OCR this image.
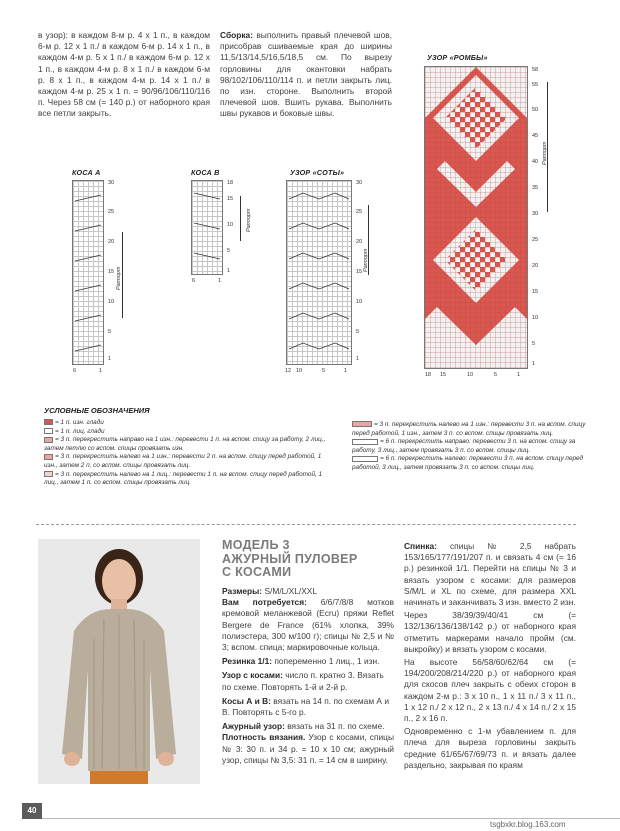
в узор): в каждом 8-м р. 4 х 1 п., в каждом 6-м р. 12 х 1 п./ в каждом 6-м р. 14 х 1 п., в каждом 4-м р. 5 х 1 п./ в каждом 6-м р. 12 х 1 п., в каждом 4-м р. 8 х 1 п./ в каждом 6-м р. 8 х 1 п., в каждом 4-м р. 14 х 1 п./ в каждом 4-м р. 25 х 1 п. = 90/96/106/110/116 п. Через 58 см (= 140 р.) от наборного края все петли закрыть.
Сборка: выполнить правый плечевой шов, присобрав сшиваемые края до ширины 11,5/13/14,5/16,5/18,5 см. По вырезу горловины для окантовки набрать 98/102/106/110/114 п. и петли закрыть лиц. по изн. стороне. Выполнить второй плечевой шов. Вшить рукава. Выполнить швы рукавов и боковые швы.
КОСА А
30
25
20
15
10
5
1
6	1
Раппорт
КОСА В
18
15
10
5
1
6	1
Раппорт
УЗОР «СОТЫ»
30
25
20
15
10
5
1
12 10	5	1
Раппорт
УЗОР «РОМБЫ»
58
55
50
45
40
35
30
25
20
15
10
5
1
18 15	10	5	1
Раппорт
УСЛОВНЫЕ ОБОЗНАЧЕНИЯ
= 1 п. изн. глади
= 1 п. лиц. глади
= 3 п. перекрестить направо на 1 изн.: перевести 1 п. на вспом. спицу за работу, 2 лиц., затем петлю со вспом. спицы провязать изн.
= 3 п. перекрестить налево на 1 изн.: перевести 2 п. на вспом. спицу перед работой, 1 изн., затем 2 п. со вспом. спицы провязать лиц.
= 3 п. перекрестить налево на 1 лиц.: перевести 1 п. на вспом. спицу перед работой, 1 лиц., затем 1 п. со вспом. спицы провязать лиц.
= 3 п. перекрестить налево на 1 изн.: перевести 3 п. на вспом. спицу перед работой, 1 изн., затем 3 п. со вспом. спицы провязать лиц.
= 6 п. перекрестить направо: перевести 3 п. на вспом. спицу за работу, 3 лиц., затем провязать 3 п. со вспом. спицы лиц.
= 6 п. перекрестить налево: перевести 3 п. на вспом. спицу перед работой, 3 лиц., затем провязать 3 п. со вспом. спицы лиц.
МОДЕЛЬ 3
АЖУРНЫЙ ПУЛОВЕР
С КОСАМИ
Размеры: S/M/L/XL/XXL
Вам потребуется: 6/6/7/8/8 мотков кремовой меланжевой (Ecru) пряжи Reflet Bergere de France (61% хлопка, 39% полиэстера, 300 м/100 г); спицы № 2,5 и № 3; вспом. спица; маркировочные кольца.
Резинка 1/1: попеременно 1 лиц., 1 изн.
Узор с косами: число п. кратно 3. Вязать по схеме. Повторять 1-й и 2-й р.
Косы А и В: вязать на 14 п. по схемам А и В. Повторять с 5-го р.
Ажурный узор: вязать на 31 п. по схеме.
Плотность вязания. Узор с косами, спицы № 3: 30 п. и 34 р. = 10 х 10 см; ажурный узор, спицы № 3,5: 31 п. = 14 см в ширину.
Спинка: спицы № 2,5 набрать 153/165/177/191/207 п. и связать 4 см (= 16 р.) резинкой 1/1. Перейти на спицы № 3 и вязать узором с косами: для размеров S/M/L и XL по схеме, для размера XXL начинать и заканчивать 3 изн. вместо 2 изн.
Через 38/39/39/40/41 см (= 132/136/136/138/142 р.) от наборного края отметить маркерами начало пройм (см. выкройку) и вязать узором с косами.
На высоте 56/58/60/62/64 см (= 194/200/208/214/220 р.) от наборного края для скосов плеч закрыть с обеих сторон в каждом 2-м р.: 3 х 10 п., 1 х 11 п./ 3 х 11 п., 1 х 12 п./ 2 х 12 п., 2 х 13 п./ 4 х 14 п./ 2 х 15 п., 2 х 16 п.
Одновременно с 1-м убавлением п. для плеча для выреза горловины закрыть средние 61/65/67/69/73 п. и вязать далее раздельно, закрывая по краям
40
tsgbxkr.blog.163.com
